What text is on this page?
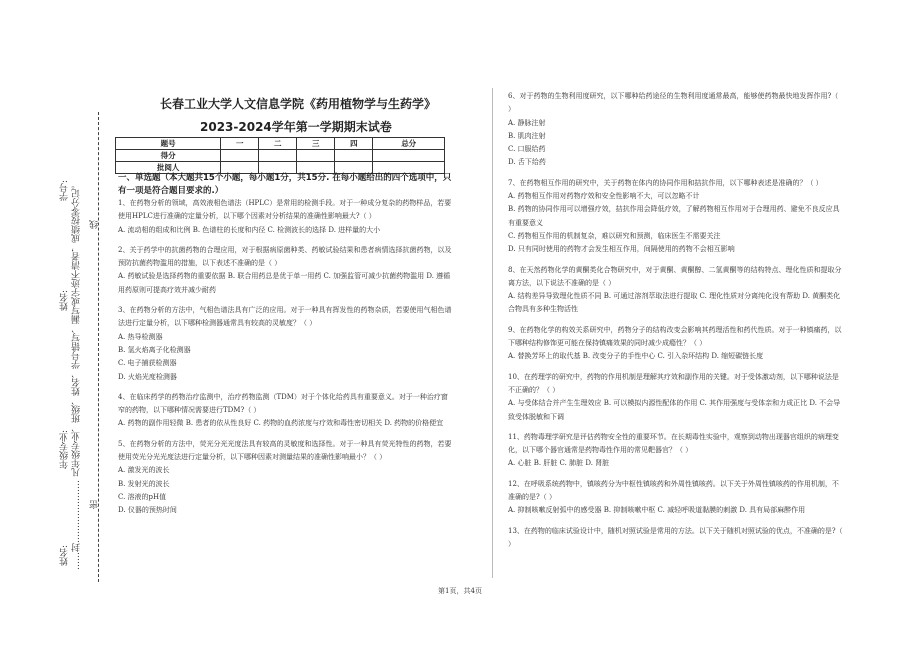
学号:
姓名: ……封………………… 凡年级专业、班级、姓名、学号错写、漏写或字迹不清者，成绩按零分记。 线
密
年级专业:
姓名:
长春工业大学人文信息学院《药用植物学与生药学》
2023-2024学年第一学期期末试卷
题号	一	二	三	四	总分
得分					
批阅人					
一、单选题（本大题共15个小题，每小题1分，共15分. 在每小题给出的四个选项中，只有一项是符合题目要求的.）

1、在药物分析的领域，高效液相色谱法（HPLC）是常用的检测手段。对于一种成分复杂的药物样品，若要使用HPLC进行准确的定量分析，以下哪个因素对分析结果的准确性影响最大?（ ）

A. 流动相的组成和比例 B. 色谱柱的长度和内径 C. 检测波长的选择 D. 进样量的大小

2、关于药学中的抗菌药物的合理应用，对于根据病原菌种类、药敏试验结果和患者病情选择抗菌药物，以及预防抗菌药物滥用的措施，以下表述不准确的是（ ）

A. 药敏试验是选择药物的重要依据 B. 联合用药总是优于单一用药 C. 加强监管可减少抗菌药物滥用 D. 遵循用药原则可提高疗效并减少耐药

3、在药物分析的方法中，气相色谱法具有广泛的应用。对于一种具有挥发性的药物杂质，若要使用气相色谱法进行定量分析，以下哪种检测器通常具有较高的灵敏度？（ ）

A. 热导检测器

B. 氢火焰离子化检测器

C. 电子捕获检测器

D. 火焰光度检测器

4、在临床药学的药物治疗监测中，治疗药物监测（TDM）对于个体化给药具有重要意义。对于一种治疗窗窄的药物，以下哪种情况需要进行TDM?（ ）

A. 药物的副作用轻微 B. 患者的依从性良好 C. 药物的血药浓度与疗效和毒性密切相关 D. 药物的价格便宜

5、在药物分析的方法中，荧光分光光度法具有较高的灵敏度和选择性。对于一种具有荧光特性的药物，若要使用荧光分光光度法进行定量分析，以下哪种因素对测量结果的准确性影响最小？（ ）

A. 激发光的波长

B. 发射光的波长

C. 溶液的pH值

D. 仪器的预热时间

6、对于药物的生物利用度研究，以下哪种给药途径的生物利用度通常最高，能够使药物最快地发挥作用?（ ）

A. 静脉注射

B. 肌肉注射

C. 口服给药

D. 舌下给药

7、在药物相互作用的研究中，关于药物在体内的协同作用和拮抗作用，以下哪种表述是准确的？（ ）

A. 药物相互作用对药物疗效和安全性影响不大，可以忽略不计

B. 药物的协同作用可以增强疗效，拮抗作用会降低疗效，了解药物相互作用对于合理用药、避免不良反应具有重要意义

C. 药物相互作用的机制复杂，难以研究和预测，临床医生不需要关注

D. 只有同时使用的药物才会发生相互作用，间隔使用的药物不会相互影响

8、在天然药物化学的黄酮类化合物研究中，对于黄酮、黄酮醇、二氢黄酮等的结构特点、理化性质和提取分离方法，以下说法不准确的是（ ）

A. 结构差异导致理化性质不同 B. 可通过溶剂萃取法进行提取 C. 理化性质对分离纯化没有帮助 D. 黄酮类化合物具有多种生物活性

9、在药物化学的构效关系研究中，药物分子的结构改变会影响其药理活性和药代性质。对于一种镇痛药，以下哪种结构修饰更可能在保持镇痛效果的同时减少成瘾性？（ ）

A. 替换芳环上的取代基 B. 改变分子的手性中心 C. 引入杂环结构 D. 缩短碳链长度

10、在药理学的研究中，药物的作用机制是理解其疗效和副作用的关键。对于受体激动剂，以下哪种说法是不正确的？（ ）

A. 与受体结合并产生生理效应 B. 可以模拟内源性配体的作用 C. 其作用强度与受体亲和力成正比 D. 不会导致受体脱敏和下调

11、药物毒理学研究是评估药物安全性的重要环节。在长期毒性实验中，观察到动物出现器官组织的病理变化，以下哪个器官通常是药物毒性作用的常见靶器官？（ ）

A. 心脏 B. 肝脏 C. 肺脏 D. 肾脏

12、在呼吸系统药物中，镇咳药分为中枢性镇咳药和外周性镇咳药。以下关于外周性镇咳药的作用机制，不准确的是?（ ）

A. 抑制咳嗽反射弧中的感受器 B. 抑制咳嗽中枢 C. 减轻呼吸道黏膜的刺激 D. 具有局部麻醉作用

13、在药物的临床试验设计中，随机对照试验是常用的方法。以下关于随机对照试验的优点，不准确的是?（ ）

第1页，共4页
